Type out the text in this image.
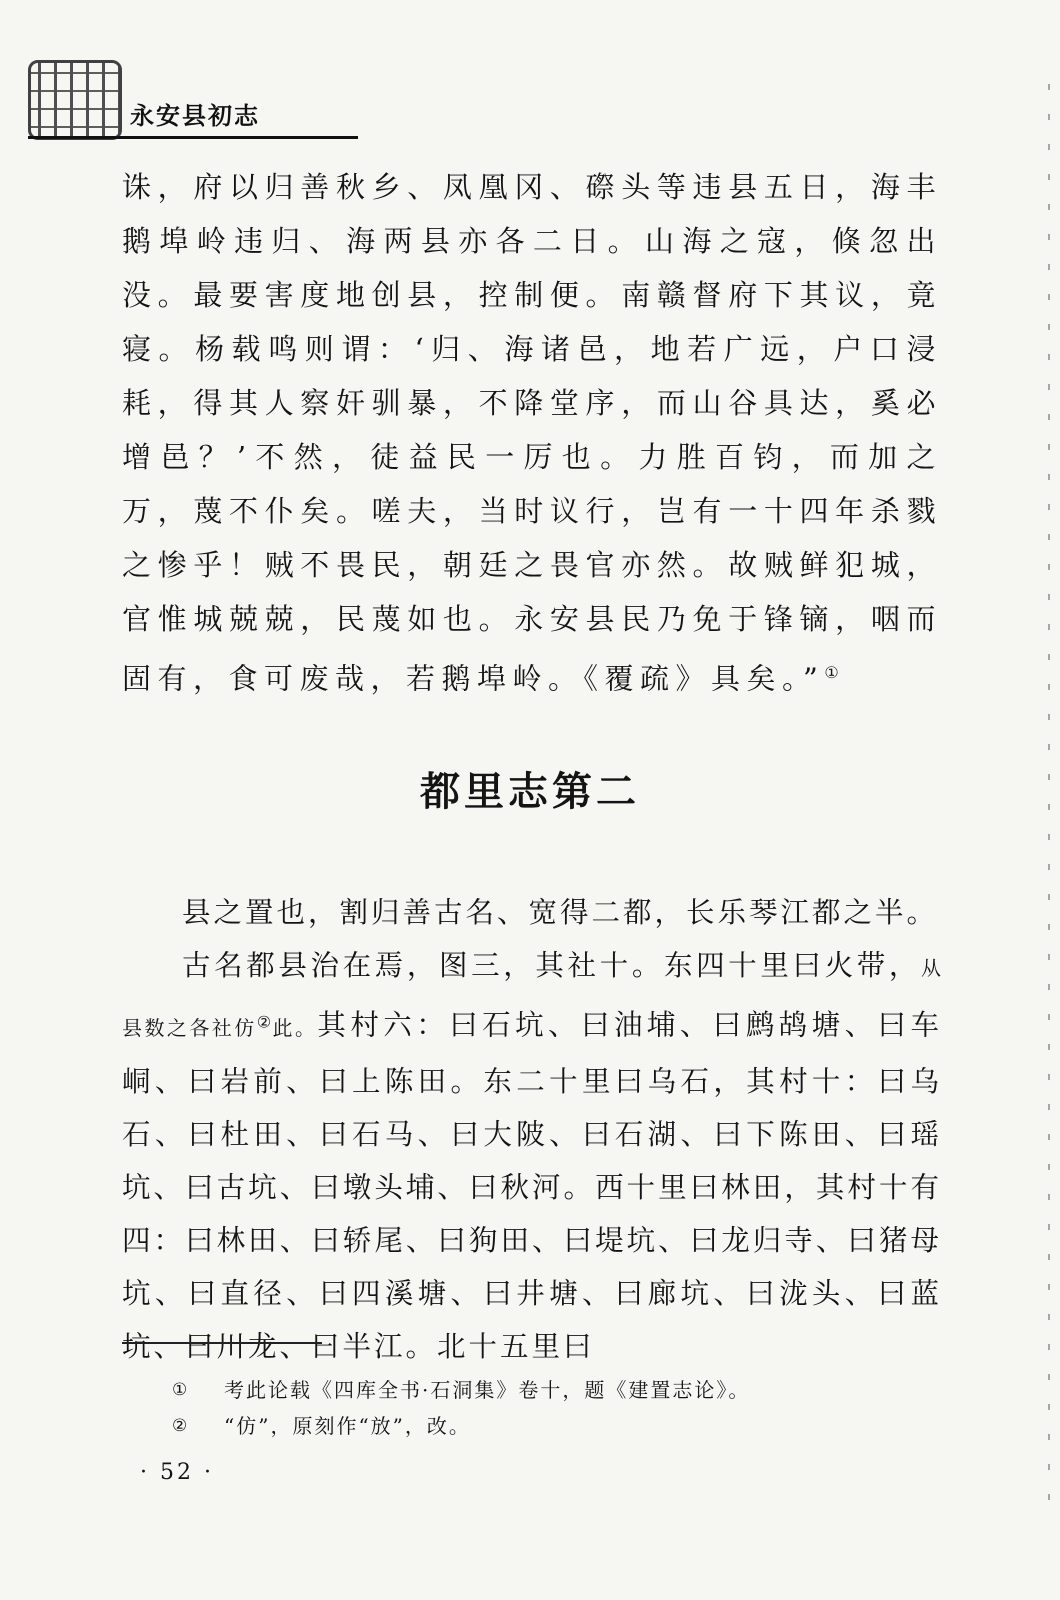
永安县初志

诛，府以归善秋乡、凤凰冈、磜头等违县五日，海丰鹅埠岭违归、海两县亦各二日。山海之寇，倏忽出没。最要害度地创县，控制便。南赣督府下其议，竟寝。杨载鸣则谓：‘归、海诸邑，地若广远，户口浸耗，得其人察奸驯暴，不降堂序，而山谷具达，奚必增邑？’不然，徒益民一厉也。力胜百钧，而加之万，蔑不仆矣。嗟夫，当时议行，岂有一十四年杀戮之惨乎！贼不畏民，朝廷之畏官亦然。故贼鲜犯城，官惟城兢兢，民蔑如也。永安县民乃免于锋镝，咽而固有，食可废哉，若鹅埠岭。《覆疏》具矣。”①

都里志第二

县之置也，割归善古名、宽得二都，长乐琴江都之半。

古名都县治在焉，图三，其社十。东四十里曰火带，从县数之各社仿②此。其村六：曰石坑、曰油埔、曰鹧鸪塘、曰车峒、曰岩前、曰上陈田。东二十里曰乌石，其村十：曰乌石、曰杜田、曰石马、曰大陂、曰石湖、曰下陈田、曰瑶坑、曰古坑、曰墩头埔、曰秋河。西十里曰林田，其村十有四：曰林田、曰轿尾、曰狗田、曰堤坑、曰龙归寺、曰猪母坑、曰直径、曰四溪塘、曰井塘、曰廊坑、曰泷头、曰蓝坑、曰川龙、曰半江。北十五里曰

① 考此论载《四库全书·石洞集》卷十，题《建置志论》。
② “仿”，原刻作“放”，改。
· 52 ·
